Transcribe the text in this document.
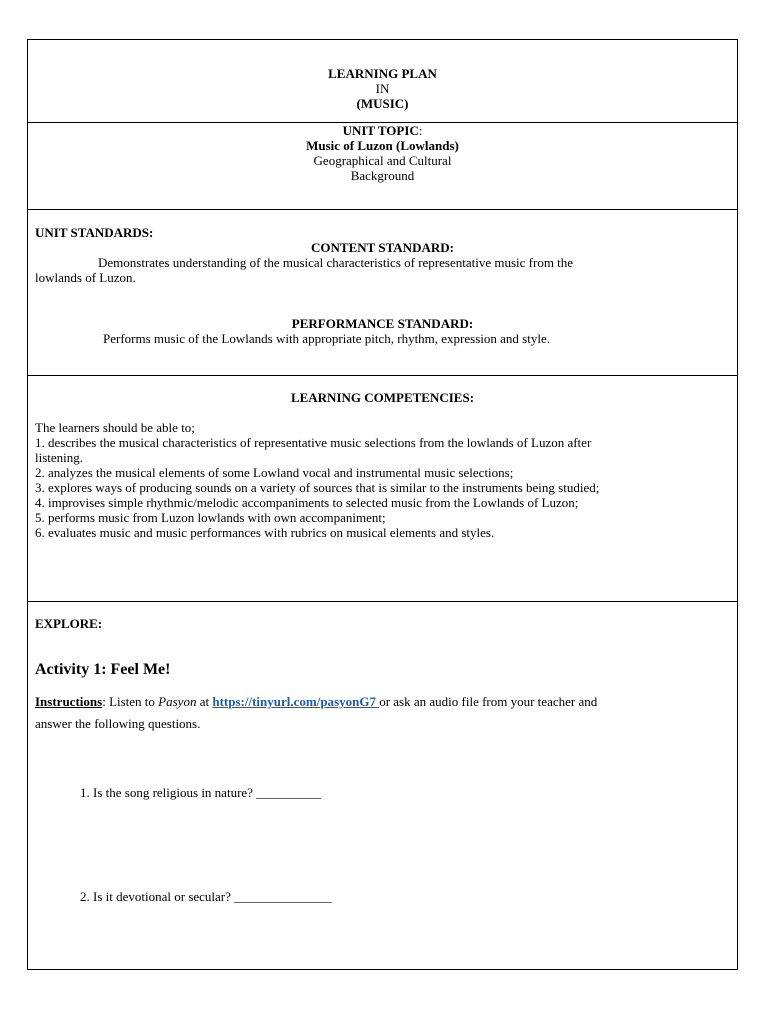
LEARNING PLAN
IN
(MUSIC)
UNIT TOPIC:
Music of Luzon (Lowlands)
Geographical and Cultural
Background
UNIT STANDARDS:
CONTENT STANDARD:
Demonstrates understanding of the musical characteristics of representative music from the
lowlands of Luzon.
PERFORMANCE STANDARD:
Performs music of the Lowlands with appropriate pitch, rhythm, expression and style.
LEARNING COMPETENCIES:
The learners should be able to;
1. describes the musical characteristics of representative music selections from the lowlands of Luzon after
listening.
2. analyzes the musical elements of some Lowland vocal and instrumental music selections;
3. explores ways of producing sounds on a variety of sources that is similar to the instruments being studied;
4. improvises simple rhythmic/melodic accompaniments to selected music from the Lowlands of Luzon;
5. performs music from Luzon lowlands with own accompaniment;
6. evaluates music and music performances with rubrics on musical elements and styles.
EXPLORE:
Activity 1: Feel Me!
Instructions: Listen to Pasyon at https://tinyurl.com/pasyonG7 or ask an audio file from your teacher and
answer the following questions.
1. Is the song religious in nature? __________
2. Is it devotional or secular? _______________
